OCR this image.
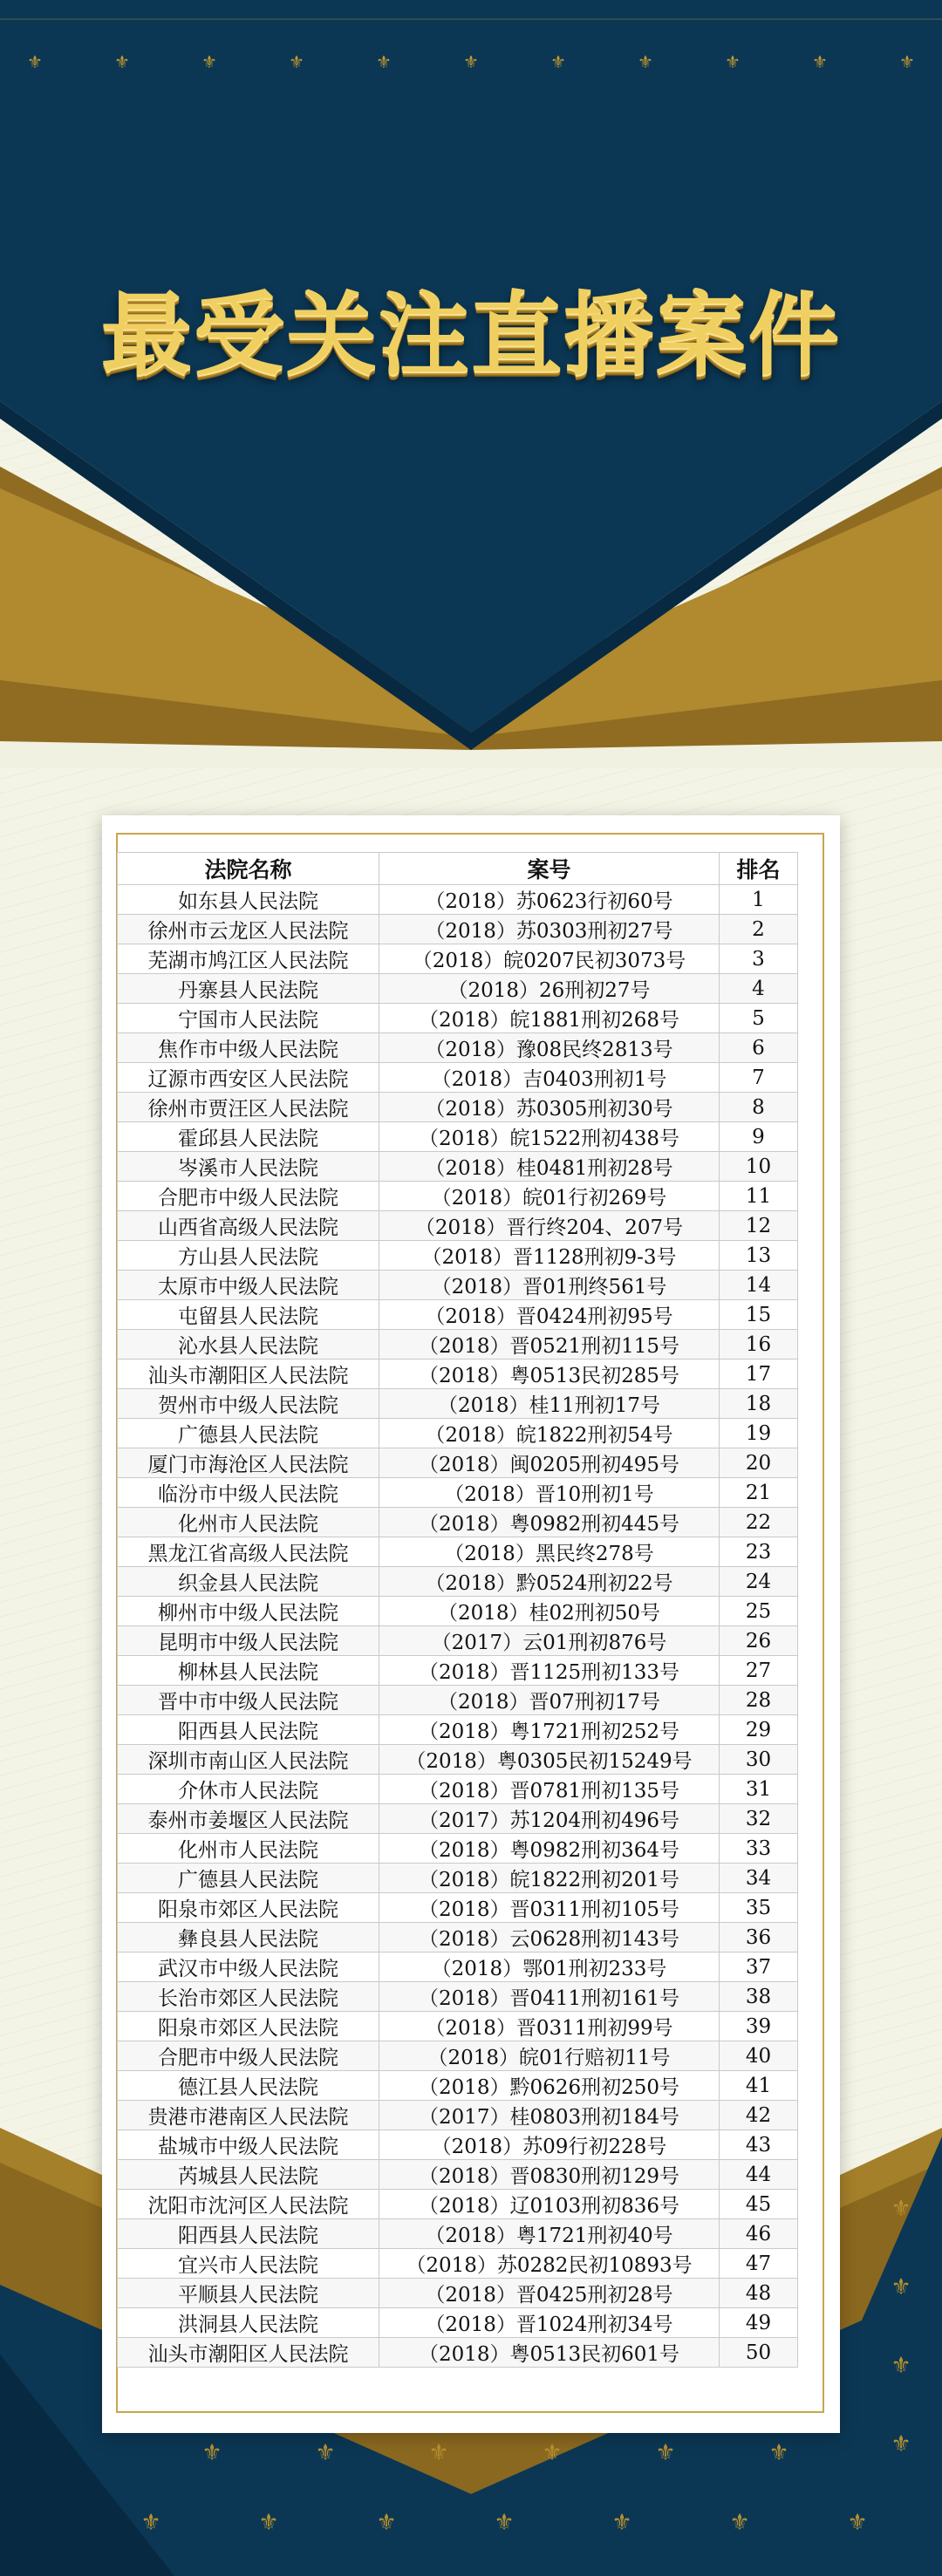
⚜	⚜	⚜	⚜	⚜	⚜	⚜	⚜	⚜	⚜	⚜
最受关注直播案件
⚜
⚜
⚜
⚜
⚜	⚜	⚜	⚜	⚜	⚜
⚜	⚜	⚜	⚜	⚜	⚜	⚜
法院名称	案号	排名
如东县人民法院	（2018）苏0623行初60号	1
徐州市云龙区人民法院	（2018）苏0303刑初27号	2
芜湖市鸠江区人民法院	（2018）皖0207民初3073号	3
丹寨县人民法院	（2018）26刑初27号	4
宁国市人民法院	（2018）皖1881刑初268号	5
焦作市中级人民法院	（2018）豫08民终2813号	6
辽源市西安区人民法院	（2018）吉0403刑初1号	7
徐州市贾汪区人民法院	（2018）苏0305刑初30号	8
霍邱县人民法院	（2018）皖1522刑初438号	9
岑溪市人民法院	（2018）桂0481刑初28号	10
合肥市中级人民法院	（2018）皖01行初269号	11
山西省高级人民法院	（2018）晋行终204、207号	12
方山县人民法院	（2018）晋1128刑初9-3号	13
太原市中级人民法院	（2018）晋01刑终561号	14
屯留县人民法院	（2018）晋0424刑初95号	15
沁水县人民法院	（2018）晋0521刑初115号	16
汕头市潮阳区人民法院	（2018）粤0513民初285号	17
贺州市中级人民法院	（2018）桂11刑初17号	18
广德县人民法院	（2018）皖1822刑初54号	19
厦门市海沧区人民法院	（2018）闽0205刑初495号	20
临汾市中级人民法院	（2018）晋10刑初1号	21
化州市人民法院	（2018）粤0982刑初445号	22
黑龙江省高级人民法院	（2018）黑民终278号	23
织金县人民法院	（2018）黔0524刑初22号	24
柳州市中级人民法院	（2018）桂02刑初50号	25
昆明市中级人民法院	（2017）云01刑初876号	26
柳林县人民法院	（2018）晋1125刑初133号	27
晋中市中级人民法院	（2018）晋07刑初17号	28
阳西县人民法院	（2018）粤1721刑初252号	29
深圳市南山区人民法院	（2018）粤0305民初15249号	30
介休市人民法院	（2018）晋0781刑初135号	31
泰州市姜堰区人民法院	（2017）苏1204刑初496号	32
化州市人民法院	（2018）粤0982刑初364号	33
广德县人民法院	（2018）皖1822刑初201号	34
阳泉市郊区人民法院	（2018）晋0311刑初105号	35
彝良县人民法院	（2018）云0628刑初143号	36
武汉市中级人民法院	（2018）鄂01刑初233号	37
长治市郊区人民法院	（2018）晋0411刑初161号	38
阳泉市郊区人民法院	（2018）晋0311刑初99号	39
合肥市中级人民法院	（2018）皖01行赔初11号	40
德江县人民法院	（2018）黔0626刑初250号	41
贵港市港南区人民法院	（2017）桂0803刑初184号	42
盐城市中级人民法院	（2018）苏09行初228号	43
芮城县人民法院	（2018）晋0830刑初129号	44
沈阳市沈河区人民法院	（2018）辽0103刑初836号	45
阳西县人民法院	（2018）粤1721刑初40号	46
宜兴市人民法院	（2018）苏0282民初10893号	47
平顺县人民法院	（2018）晋0425刑初28号	48
洪洞县人民法院	（2018）晋1024刑初34号	49
汕头市潮阳区人民法院	（2018）粤0513民初601号	50
